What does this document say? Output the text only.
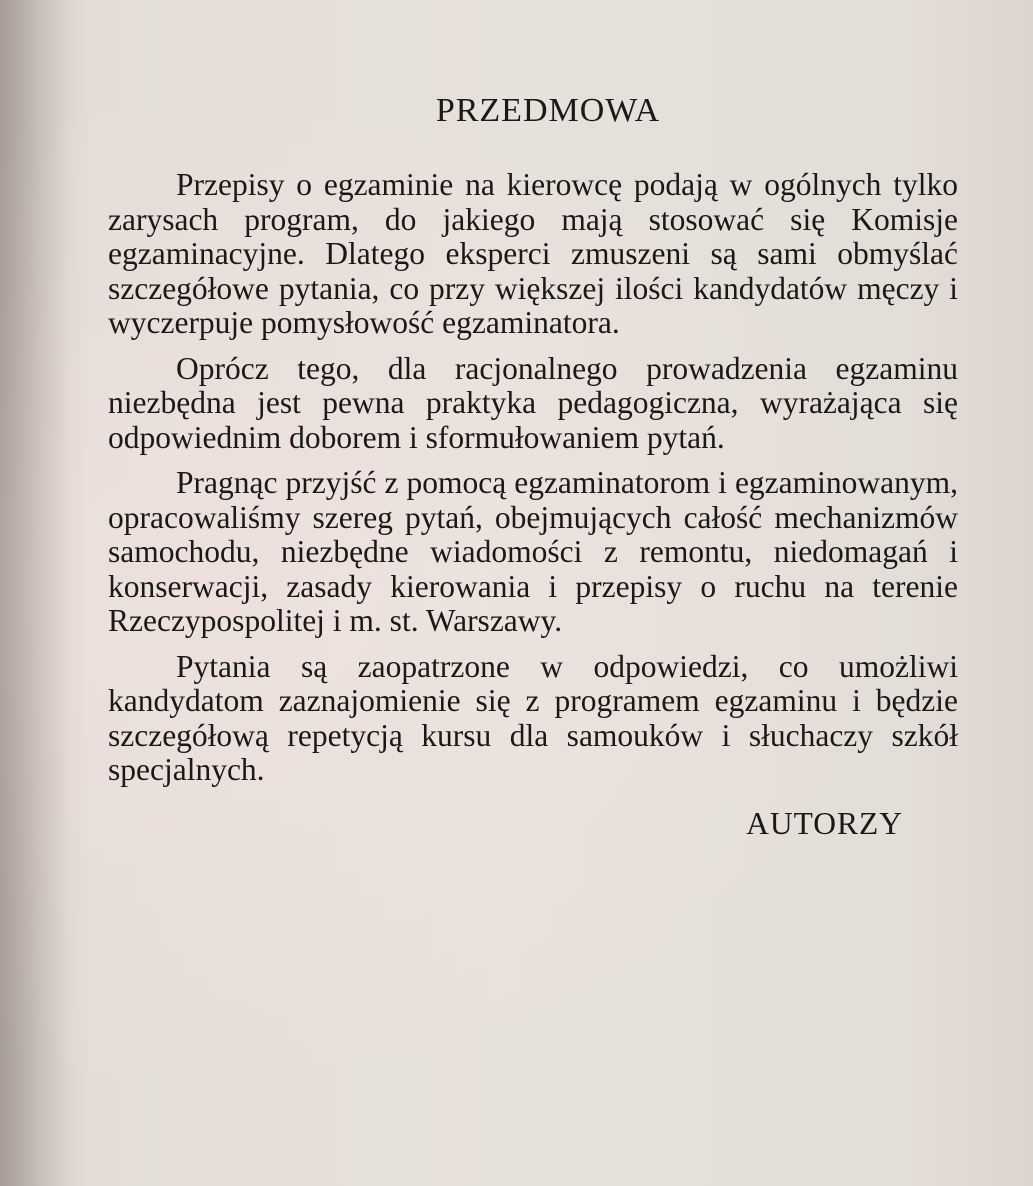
PRZEDMOWA

Przepisy o egzaminie na kierowcę podają w ogólnych tylko zarysach program, do jakiego mają stosować się Komisje egzaminacyjne. Dlatego eksperci zmuszeni są sami obmyślać szczegółowe pytania, co przy większej ilości kandydatów męczy i wyczerpuje pomysłowość egzaminatora.

Oprócz tego, dla racjonalnego prowadzenia egzaminu niezbędna jest pewna praktyka pedagogiczna, wyrażająca się odpowiednim doborem i sformułowaniem pytań.

Pragnąc przyjść z pomocą egzaminatorom i egzaminowanym, opracowaliśmy szereg pytań, obejmujących całość mechanizmów samochodu, niezbędne wiadomości z remontu, niedomagań i konserwacji, zasady kierowania i przepisy o ruchu na terenie Rzeczypospolitej i m. st. Warszawy.

Pytania są zaopatrzone w odpowiedzi, co umożliwi kandydatom zaznajomienie się z programem egzaminu i będzie szczegółową repetycją kursu dla samouków i słuchaczy szkół specjalnych.

AUTORZY
